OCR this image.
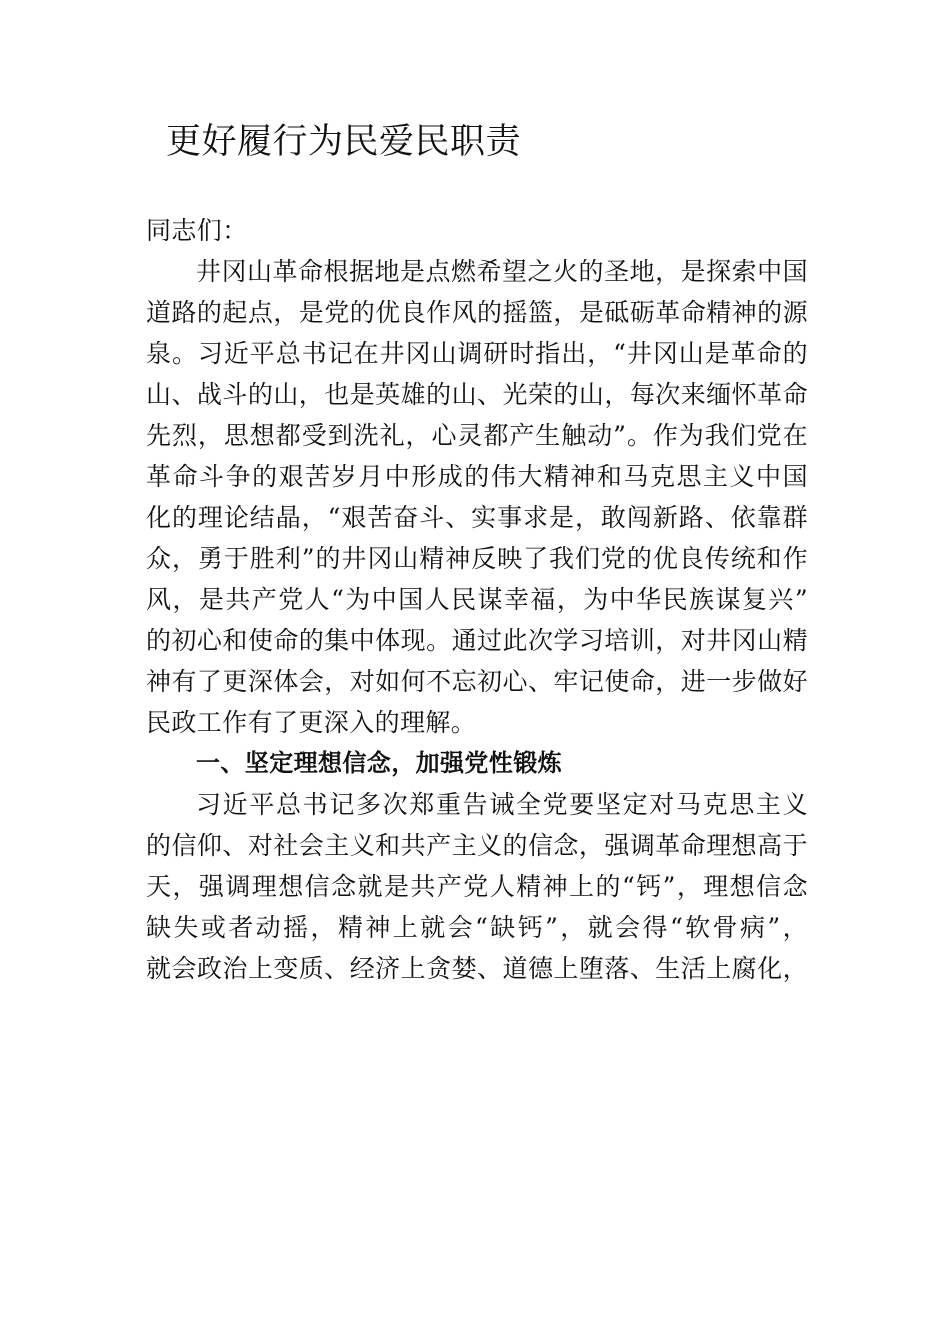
更好履行为民爱民职责

同志们：

井冈山革命根据地是点燃希望之火的圣地，是探索中国
道路的起点，是党的优良作风的摇篮，是砥砺革命精神的源
泉。习近平总书记在井冈山调研时指出，“井冈山是革命的
山、战斗的山，也是英雄的山、光荣的山，每次来缅怀革命
先烈，思想都受到洗礼，心灵都产生触动”。作为我们党在
革命斗争的艰苦岁月中形成的伟大精神和马克思主义中国
化的理论结晶，“艰苦奋斗、实事求是，敢闯新路、依靠群
众，勇于胜利”的井冈山精神反映了我们党的优良传统和作
风，是共产党人“为中国人民谋幸福，为中华民族谋复兴”
的初心和使命的集中体现。通过此次学习培训，对井冈山精
神有了更深体会，对如何不忘初心、牢记使命，进一步做好
民政工作有了更深入的理解。
一、坚定理想信念，加强党性锻炼
习近平总书记多次郑重告诫全党要坚定对马克思主义
的信仰、对社会主义和共产主义的信念，强调革命理想高于
天，强调理想信念就是共产党人精神上的“钙”，理想信念
缺失或者动摇，精神上就会“缺钙”，就会得“软骨病”，
就会政治上变质、经济上贪婪、道德上堕落、生活上腐化，
